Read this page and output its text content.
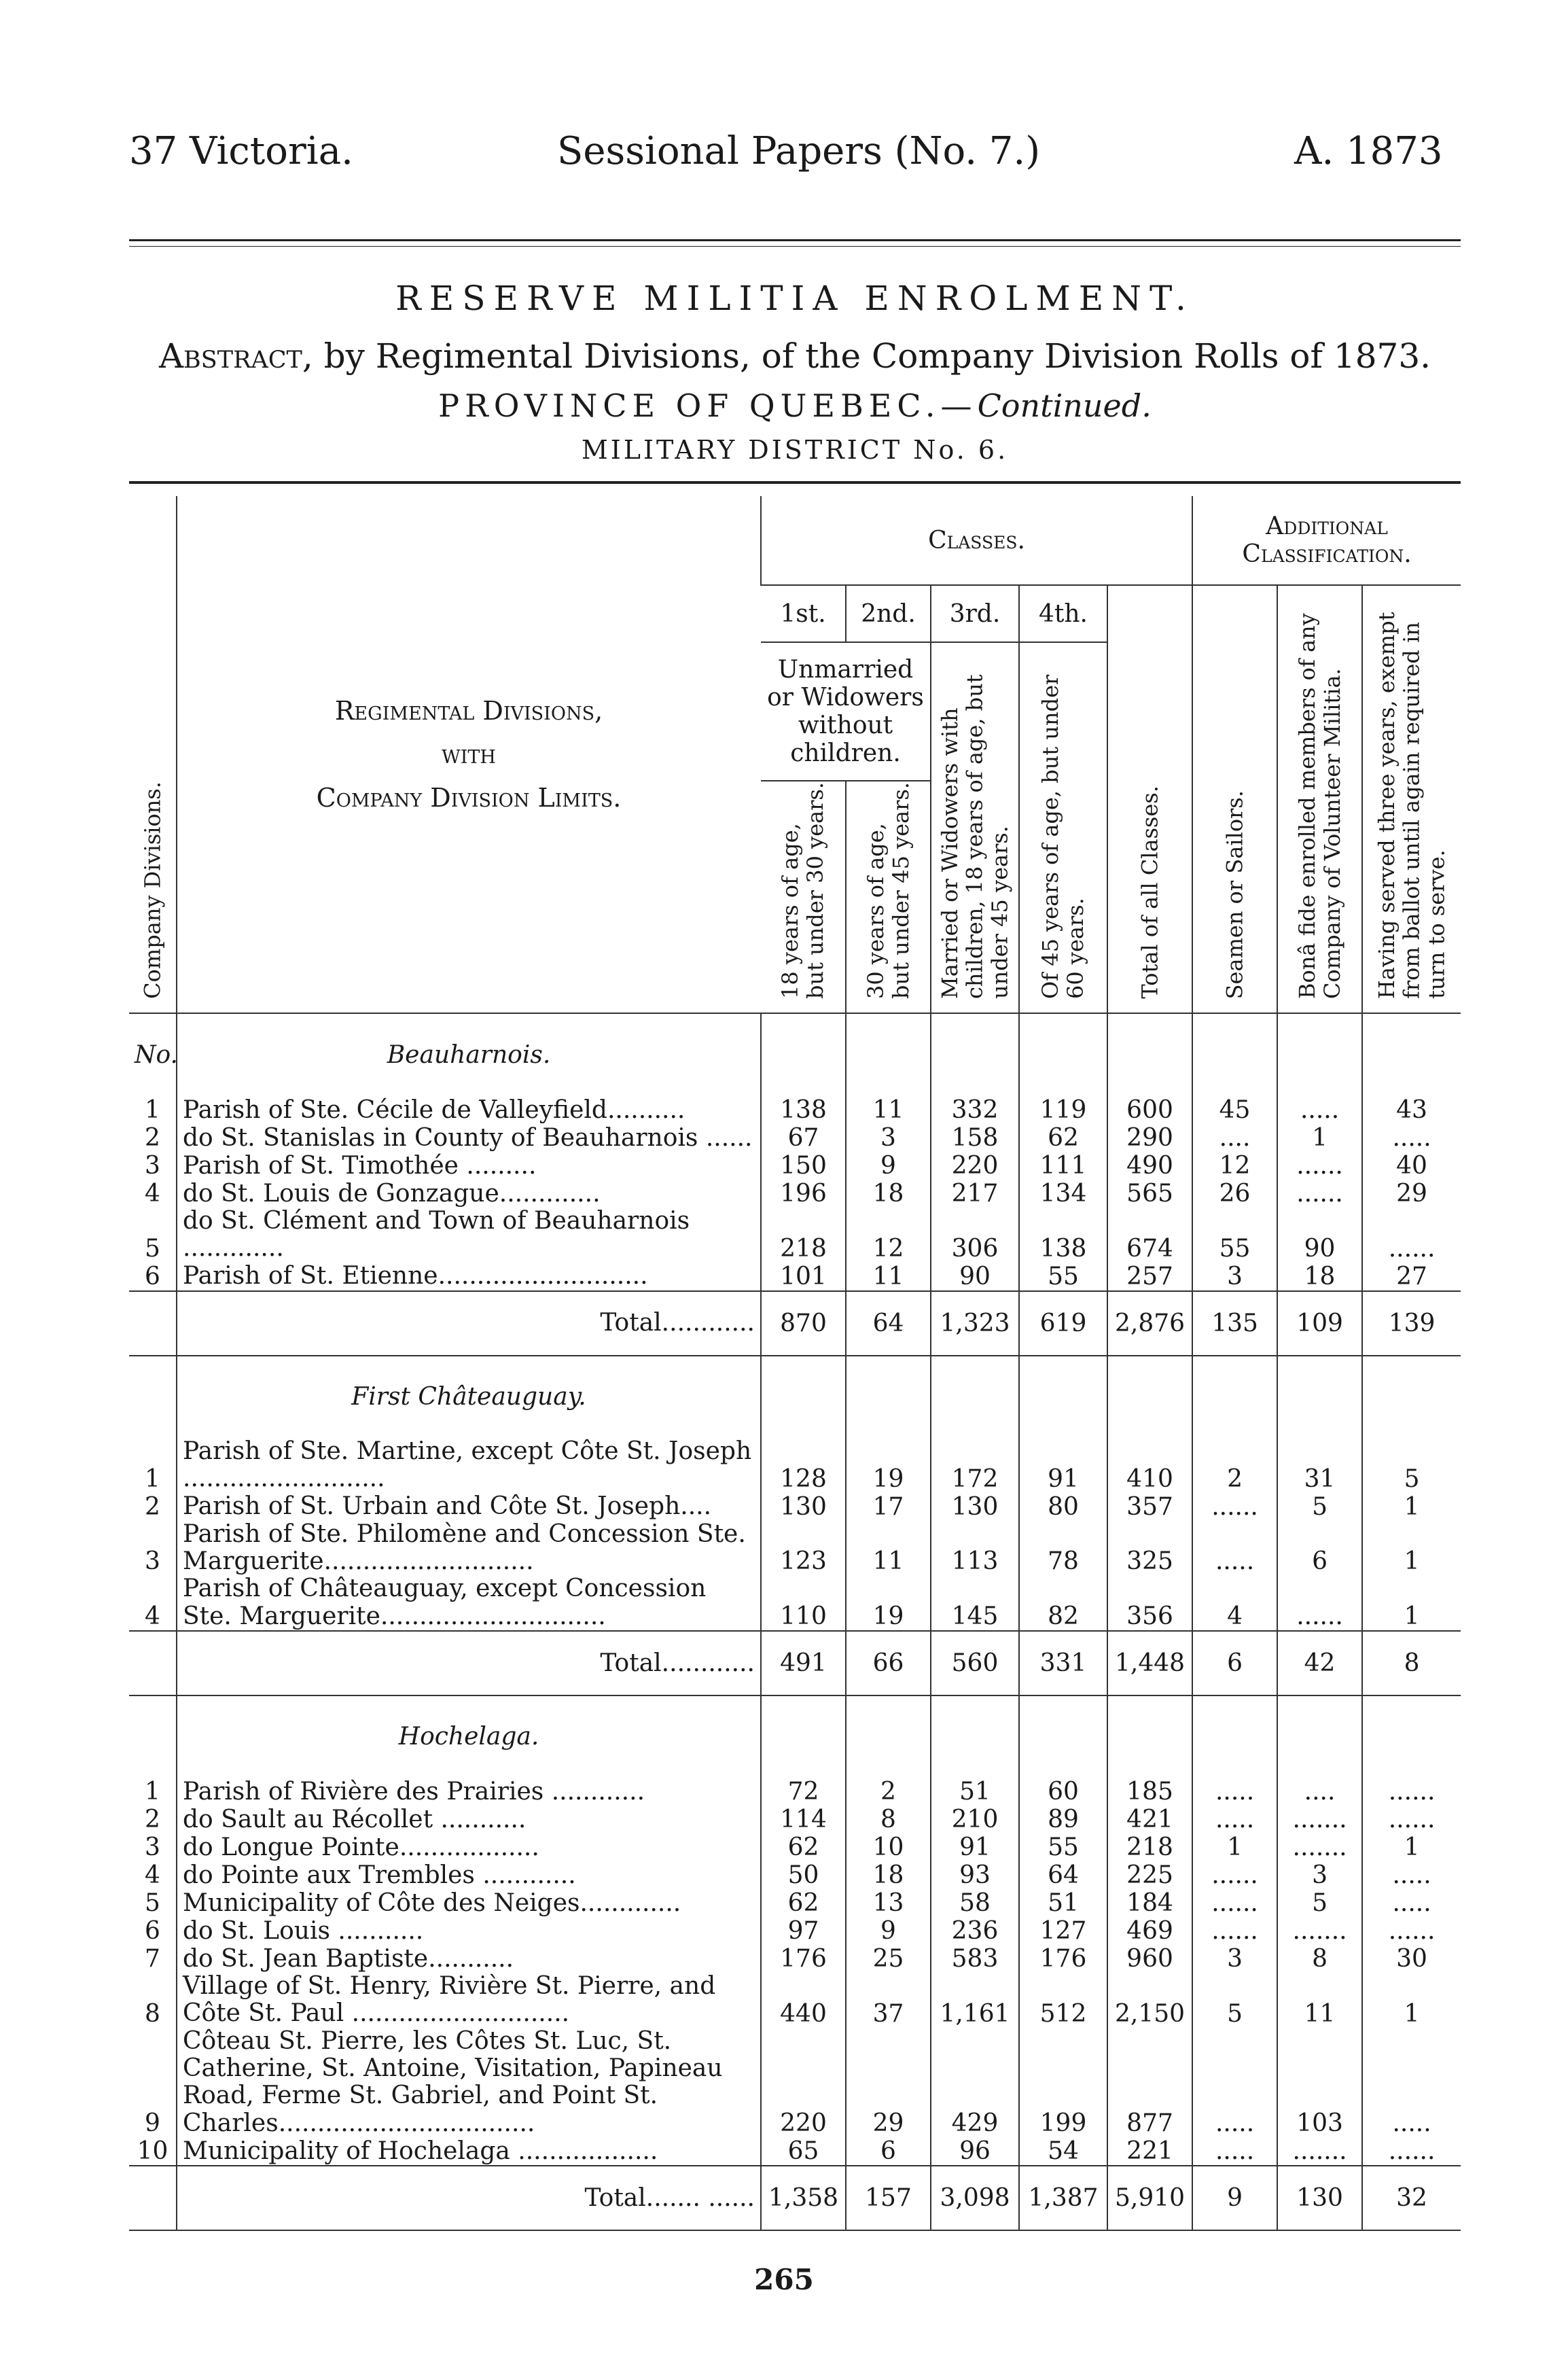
37 Victoria.	Sessional Papers (No. 7.)	A. 1873
RESERVE MILITIA ENROLMENT.
Abstract, by Regimental Divisions, of the Company Division Rolls of 1873.
PROVINCE OF QUEBEC.—Continued.
MILITARY DISTRICT No. 6.
Company Divisions.	Regimental Divisions,
with
Company Division Limits.	Classes.					Additional Classification.		
		1st.	2nd.	3rd.	4th.	Total of all Classes.	Seamen or Sailors.	Bonâ fide enrolled members of any Company of Volunteer Militia.	Having served three years, exempt from ballot until again required in turn to serve.

		Unmarried or Widowers without children.		Married or Widowers with children, 18 years of age, but under 45 years.	Of 45 years of age, but under 60 years.				

		18 years of age, but under 30 years.	30 years of age, but under 45 years.						

No.	Beauharnois.								
1	Parish of Ste. Cécile de Valleyfield..........	138	11	332	119	600	45	.....	43
2	do St. Stanislas in County of Beauharnois ......	67	3	158	62	290	....	1	.....
3	Parish of St. Timothée .........	150	9	220	111	490	12	......	40
4	do St. Louis de Gonzague.............	196	18	217	134	565	26	......	29
5	do St. Clément and Town of Beauharnois .............	218	12	306	138	674	55	90	......
6	Parish of St. Etienne...........................	101	11	90	55	257	3	18	27
	Total............	870	64	1,323	619	2,876	135	109	139
	First Châteauguay.								
1	Parish of Ste. Martine, except Côte St. Joseph ..........................	128	19	172	91	410	2	31	5
2	Parish of St. Urbain and Côte St. Joseph....	130	17	130	80	357	......	5	1
3	Parish of Ste. Philomène and Concession Ste. Marguerite...........................	123	11	113	78	325	.....	6	1
4	Parish of Châteauguay, except Concession Ste. Marguerite.............................	110	19	145	82	356	4	......	1
	Total............	491	66	560	331	1,448	6	42	8
	Hochelaga.								
1	Parish of Rivière des Prairies ............	72	2	51	60	185	.....	....	......
2	do Sault au Récollet ...........	114	8	210	89	421	.....	.......	......
3	do Longue Pointe..................	62	10	91	55	218	1	.......	1
4	do Pointe aux Trembles ............	50	18	93	64	225	......	3	.....
5	Municipality of Côte des Neiges.............	62	13	58	51	184	......	5	.....
6	do St. Louis ...........	97	9	236	127	469	......	.......	......
7	do St. Jean Baptiste...........	176	25	583	176	960	3	8	30
8	Village of St. Henry, Rivière St. Pierre, and Côte St. Paul ............................	440	37	1,161	512	2,150	5	11	1
9	Côteau St. Pierre, les Côtes St. Luc, St. Catherine, St. Antoine, Visitation, Papineau Road, Ferme St. Gabriel, and Point St. Charles.................................	220	29	429	199	877	.....	103	.....
10	Municipality of Hochelaga ..................	65	6	96	54	221	.....	.......	......
	Total....... ......	1,358	157	3,098	1,387	5,910	9	130	32
265
